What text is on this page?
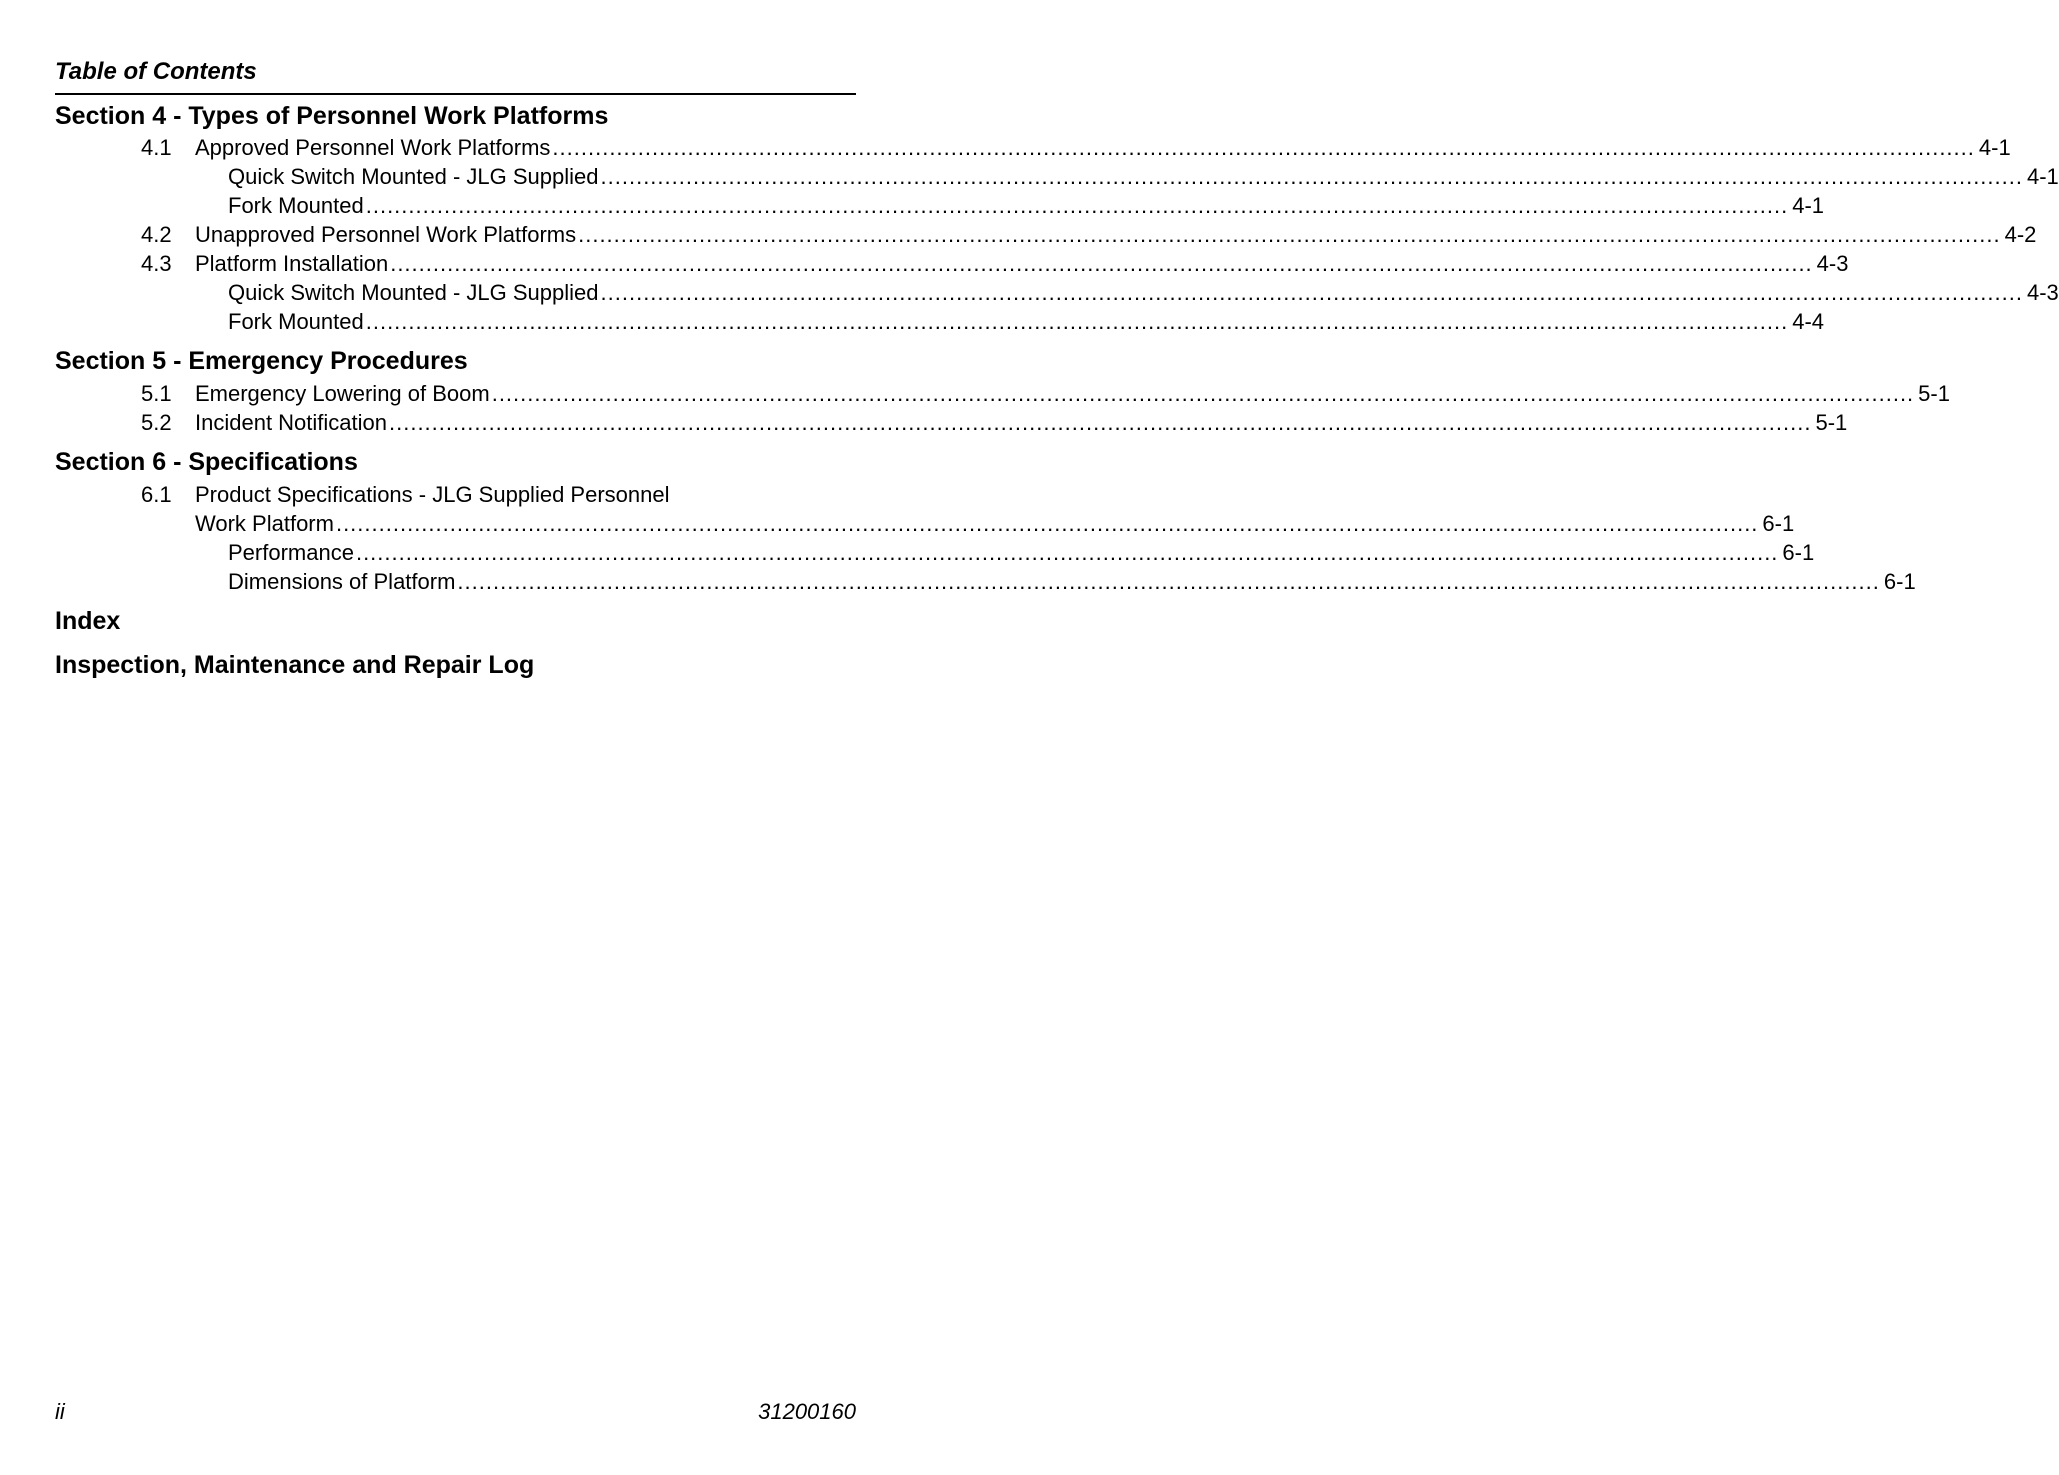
Table of Contents
Section 4 - Types of Personnel Work Platforms
4.1 Approved Personnel Work Platforms ........................................................................................................................................................................................................ 4-1
Quick Switch Mounted - JLG Supplied ........................................................................................................................................................................................................ 4-1
Fork Mounted ........................................................................................................................................................................................................ 4-1
4.2 Unapproved Personnel Work Platforms ........................................................................................................................................................................................................ 4-2
4.3 Platform Installation ........................................................................................................................................................................................................ 4-3
Quick Switch Mounted - JLG Supplied ........................................................................................................................................................................................................ 4-3
Fork Mounted ........................................................................................................................................................................................................ 4-4
Section 5 - Emergency Procedures
5.1 Emergency Lowering of Boom ........................................................................................................................................................................................................ 5-1
5.2 Incident Notification ........................................................................................................................................................................................................ 5-1
Section 6 - Specifications
6.1 Product Specifications - JLG Supplied Personnel
Work Platform ........................................................................................................................................................................................................ 6-1
Performance ........................................................................................................................................................................................................ 6-1
Dimensions of Platform ........................................................................................................................................................................................................ 6-1
Index
Inspection, Maintenance and Repair Log
ii	31200160
